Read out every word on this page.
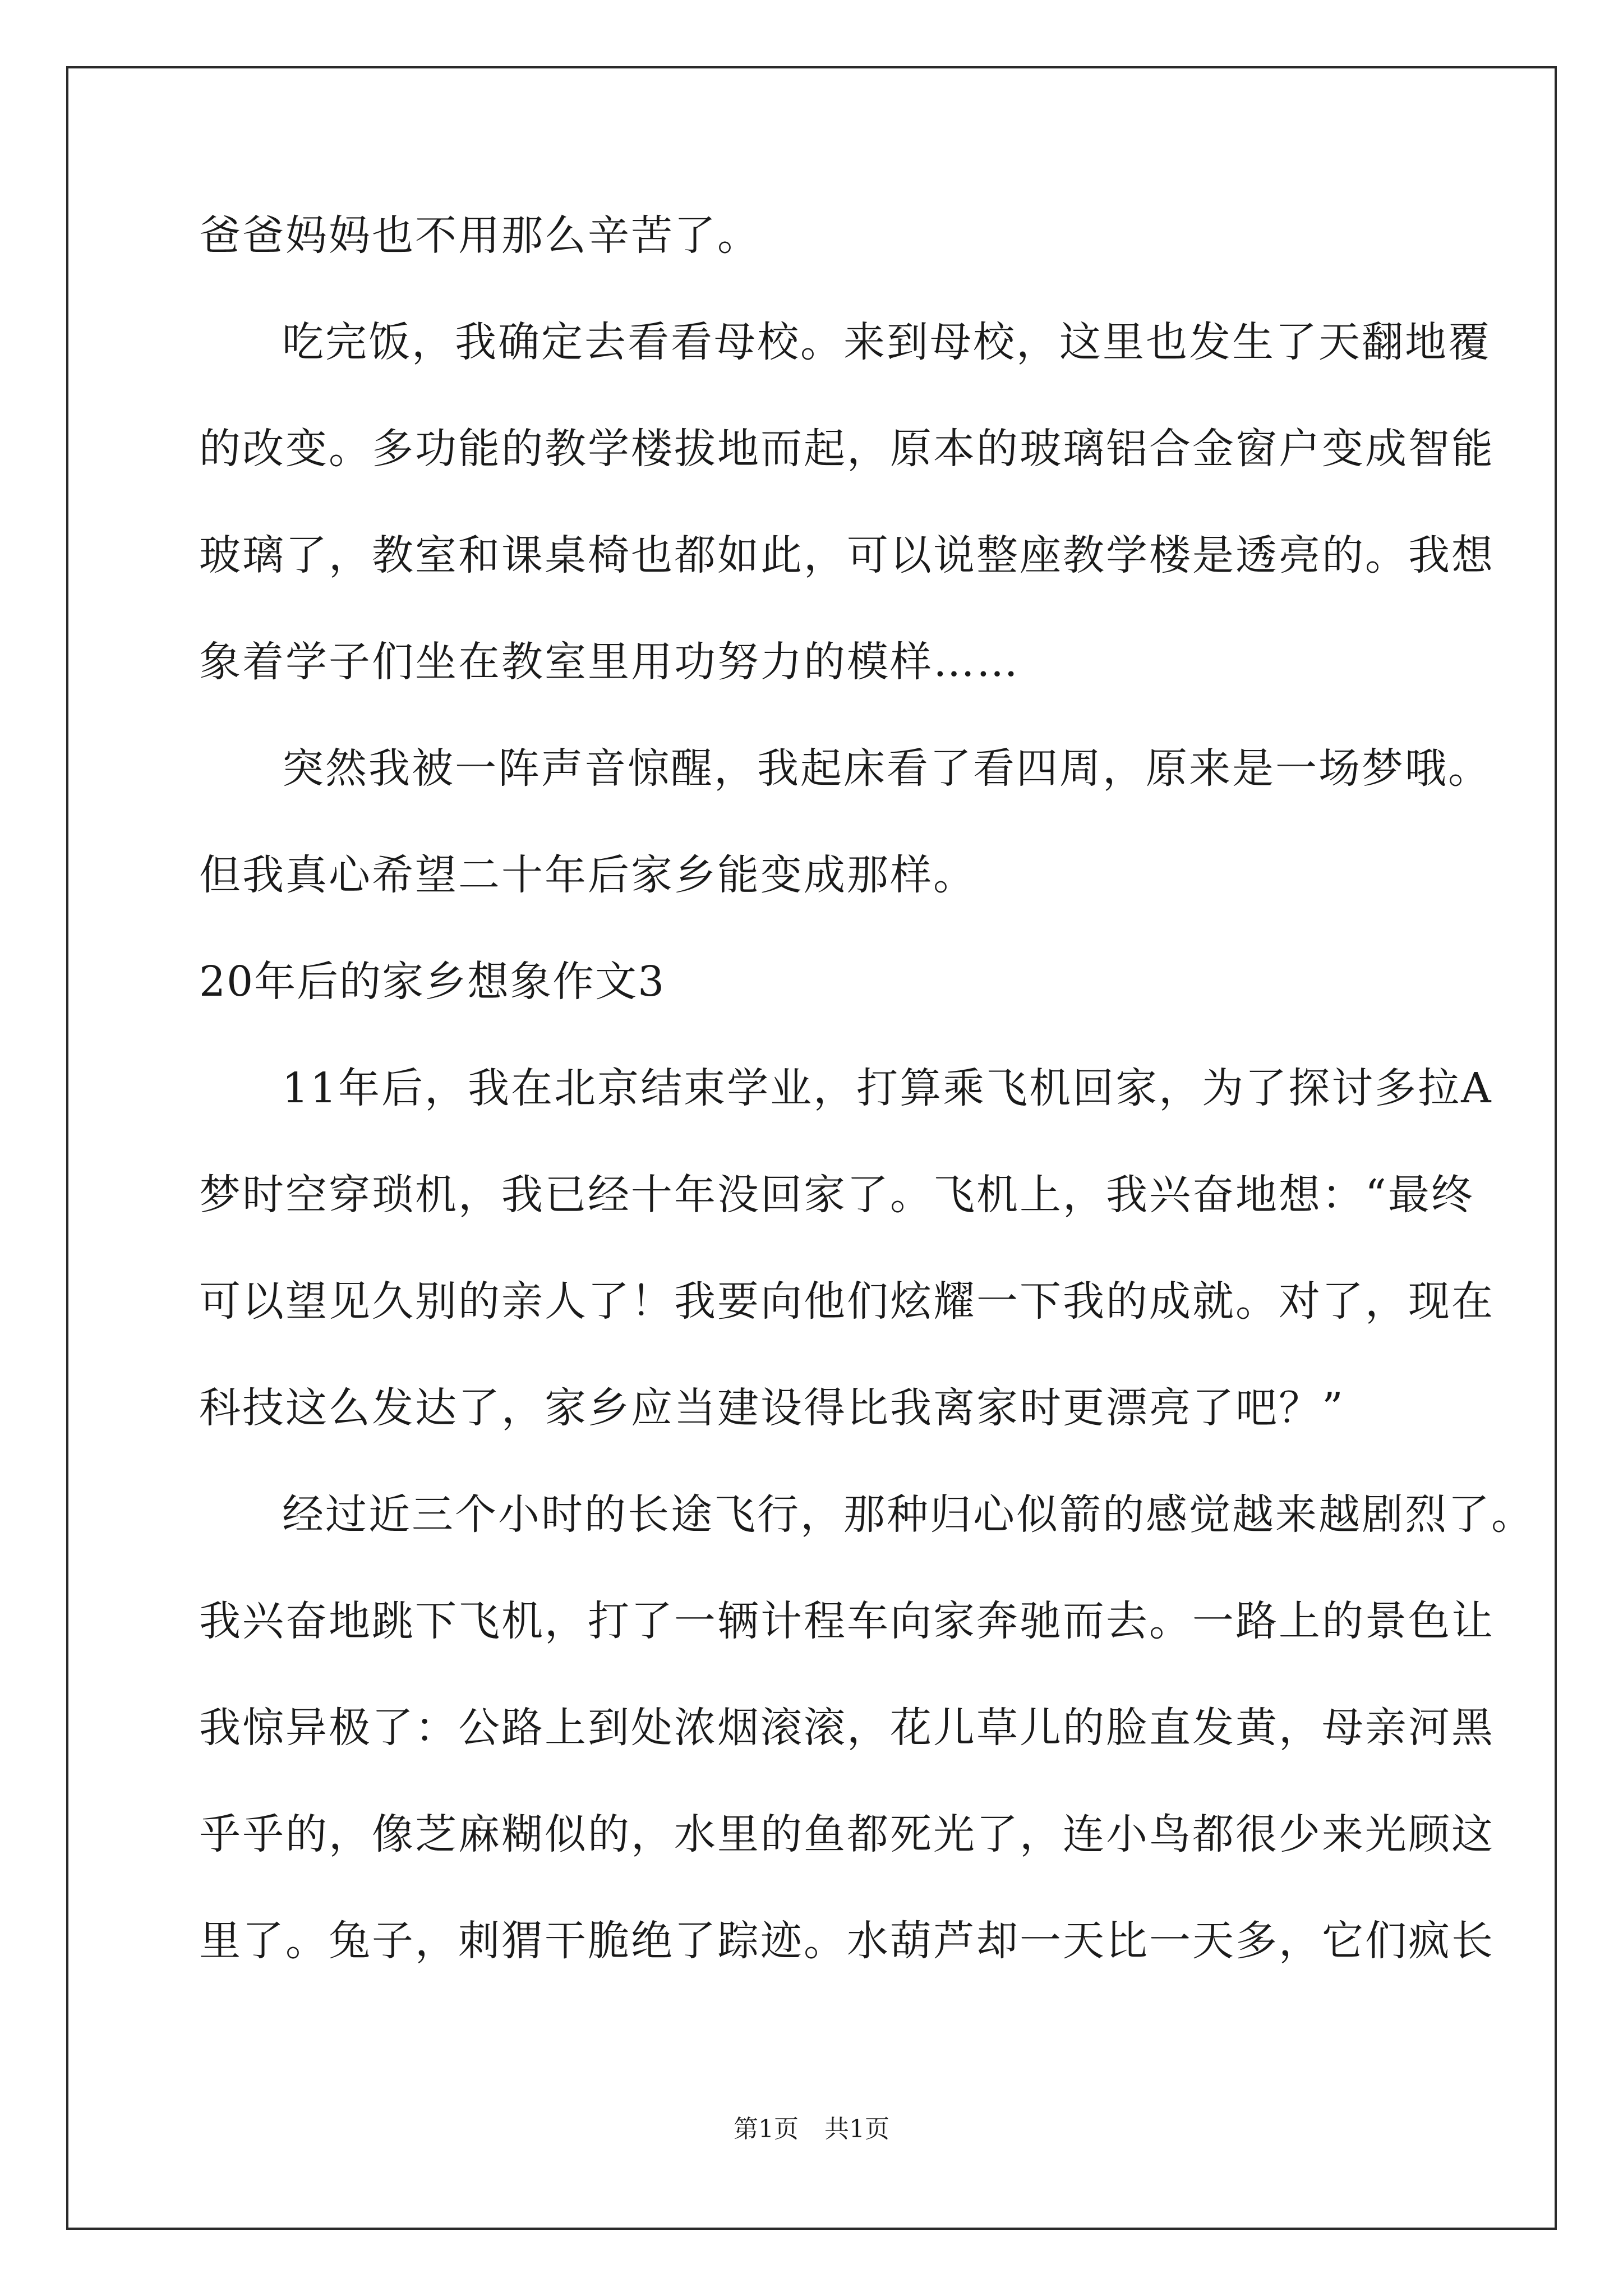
爸爸妈妈也不用那么辛苦了。
吃完饭，我确定去看看母校。来到母校，这里也发生了天翻地覆
的改变。多功能的教学楼拔地而起，原本的玻璃铝合金窗户变成智能
玻璃了，教室和课桌椅也都如此，可以说整座教学楼是透亮的。我想
象着学子们坐在教室里用功努力的模样……
突然我被一阵声音惊醒，我起床看了看四周，原来是一场梦哦。
但我真心希望二十年后家乡能变成那样。
20年后的家乡想象作文3
11年后，我在北京结束学业，打算乘飞机回家，为了探讨多拉A
梦时空穿琐机，我已经十年没回家了。飞机上，我兴奋地想：“最终
可以望见久别的亲人了！我要向他们炫耀一下我的成就。对了，现在
科技这么发达了，家乡应当建设得比我离家时更漂亮了吧？”
经过近三个小时的长途飞行，那种归心似箭的感觉越来越剧烈了。
我兴奋地跳下飞机，打了一辆计程车向家奔驰而去。一路上的景色让
我惊异极了：公路上到处浓烟滚滚，花儿草儿的脸直发黄，母亲河黑
乎乎的，像芝麻糊似的，水里的鱼都死光了，连小鸟都很少来光顾这
里了。兔子，刺猬干脆绝了踪迹。水葫芦却一天比一天多，它们疯长
第1页 共1页
